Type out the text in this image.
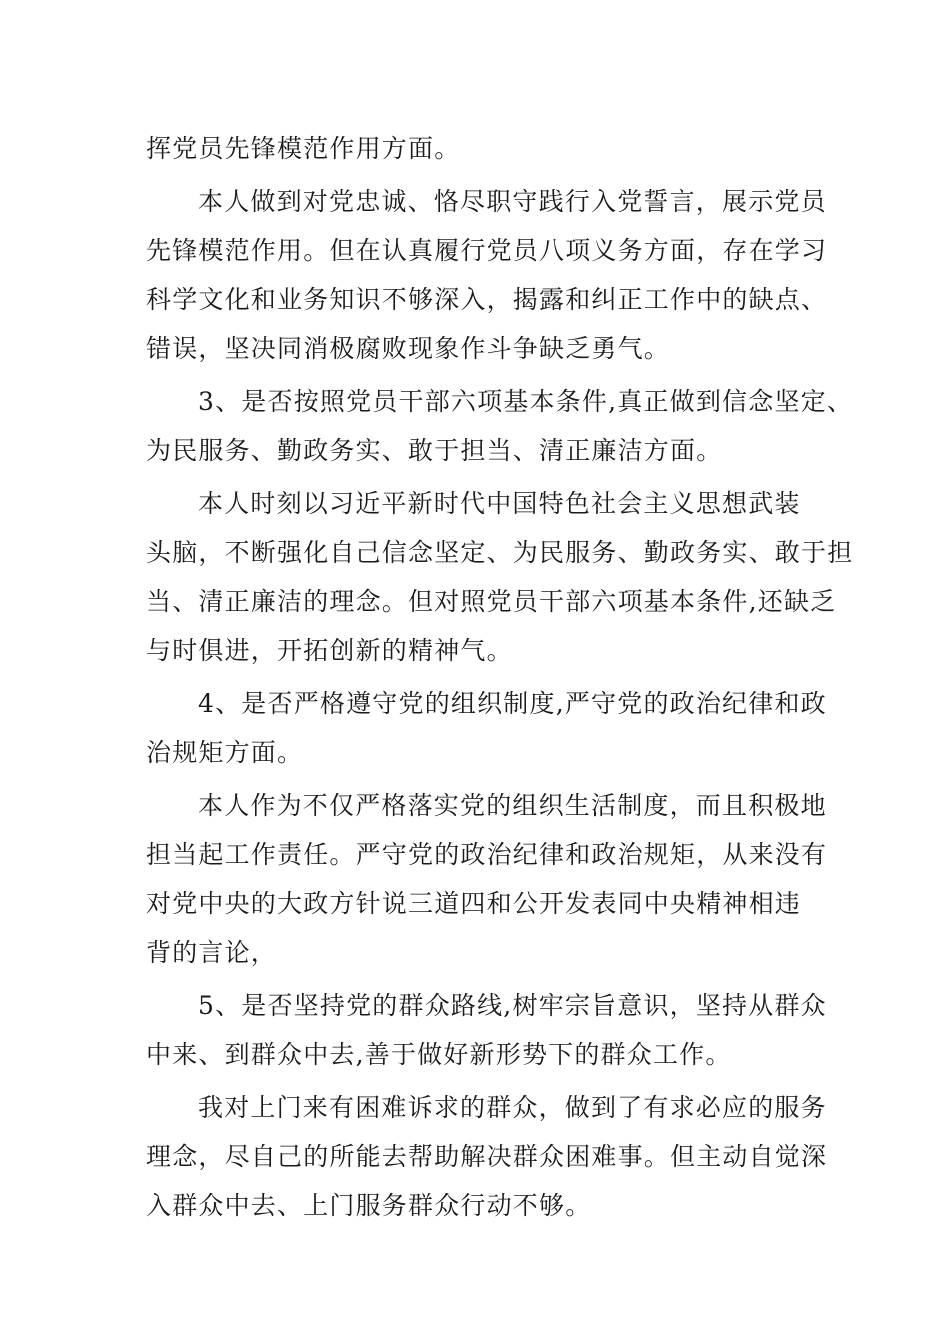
挥党员先锋模范作用方面。
本人做到对党忠诚、恪尽职守践行入党誓言，展示党员
先锋模范作用。但在认真履行党员八项义务方面，存在学习
科学文化和业务知识不够深入，揭露和纠正工作中的缺点、
错误，坚决同消极腐败现象作斗争缺乏勇气。
3、是否按照党员干部六项基本条件,真正做到信念坚定、
为民服务、勤政务实、敢于担当、清正廉洁方面。
本人时刻以习近平新时代中国特色社会主义思想武装
头脑，不断强化自己信念坚定、为民服务、勤政务实、敢于担
当、清正廉洁的理念。但对照党员干部六项基本条件,还缺乏
与时俱进，开拓创新的精神气。
4、是否严格遵守党的组织制度,严守党的政治纪律和政
治规矩方面。
本人作为不仅严格落实党的组织生活制度，而且积极地
担当起工作责任。严守党的政治纪律和政治规矩，从来没有
对党中央的大政方针说三道四和公开发表同中央精神相违
背的言论，
5、是否坚持党的群众路线,树牢宗旨意识，坚持从群众
中来、到群众中去,善于做好新形势下的群众工作。
我对上门来有困难诉求的群众，做到了有求必应的服务
理念，尽自己的所能去帮助解决群众困难事。但主动自觉深
入群众中去、上门服务群众行动不够。
